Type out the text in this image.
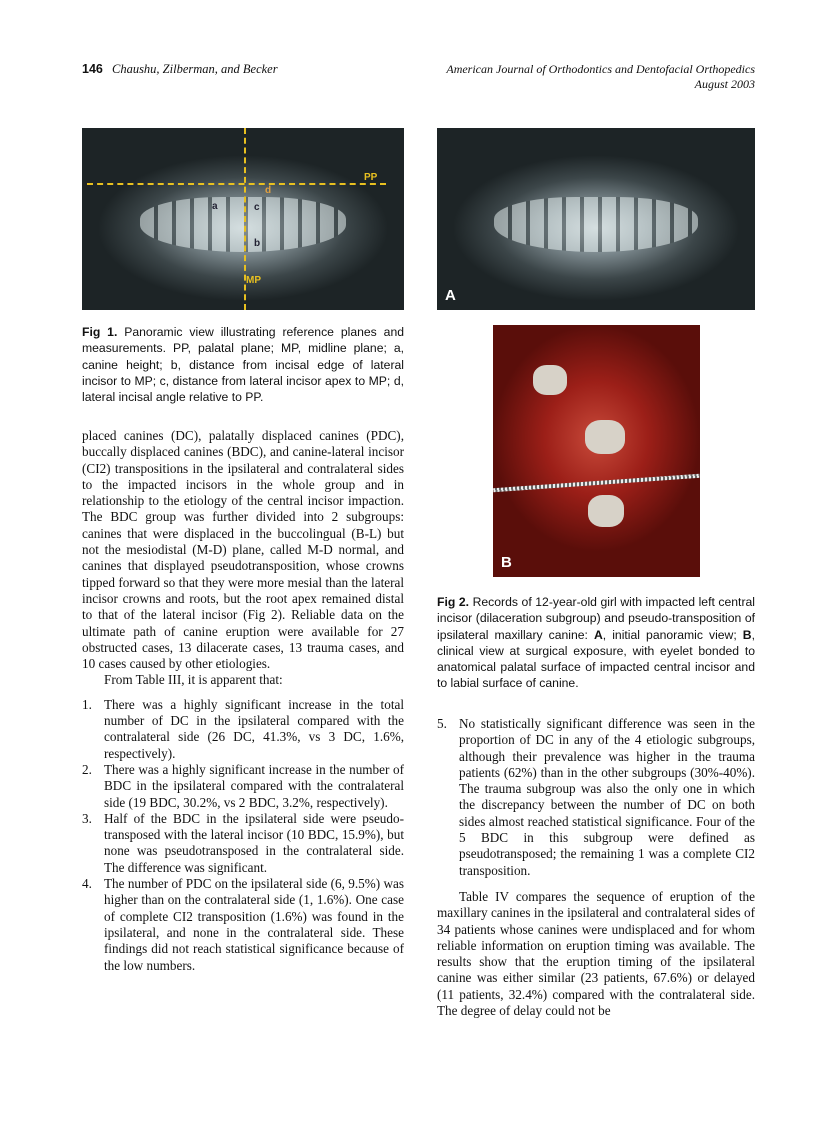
146 Chaushu, Zilberman, and Becker	American Journal of Orthodontics and Dentofacial Orthopedics
August 2003
PP
MP
d
a	c
b
Fig 1. Panoramic view illustrating reference planes and measurements. PP, palatal plane; MP, midline plane; a, canine height; b, distance from incisal edge of lateral incisor to MP; c, distance from lateral incisor apex to MP; d, lateral incisal angle relative to PP.
A
B
Fig 2. Records of 12-year-old girl with impacted left central incisor (dilaceration subgroup) and pseudo-transposition of ipsilateral maxillary canine: A, initial panoramic view; B, clinical view at surgical exposure, with eyelet bonded to anatomical palatal surface of impacted central incisor and to labial surface of canine.

placed canines (DC), palatally displaced canines (PDC), buccally displaced canines (BDC), and canine-lateral incisor (CI2) transpositions in the ipsilateral and contralateral sides to the impacted incisors in the whole group and in relationship to the etiology of the central incisor impaction. The BDC group was further divided into 2 subgroups: canines that were displaced in the buccolingual (B-L) but not the mesiodistal (M-D) plane, called M-D normal, and canines that displayed pseudotransposition, whose crowns tipped forward so that they were more mesial than the lateral incisor crowns and roots, but the root apex remained distal to that of the lateral incisor (Fig 2). Reliable data on the ultimate path of canine eruption were available for 27 obstructed cases, 13 dilacerate cases, 13 trauma cases, and 10 cases caused by other etiologies.

From Table III, it is apparent that:

1. There was a highly significant increase in the total number of DC in the ipsilateral compared with the contralateral side (26 DC, 41.3%, vs 3 DC, 1.6%, respectively).
2. There was a highly significant increase in the number of BDC in the ipsilateral compared with the contralateral side (19 BDC, 30.2%, vs 2 BDC, 3.2%, respectively).
3. Half of the BDC in the ipsilateral side were pseudo-transposed with the lateral incisor (10 BDC, 15.9%), but none was pseudotransposed in the contralateral side. The difference was significant.
4. The number of PDC on the ipsilateral side (6, 9.5%) was higher than on the contralateral side (1, 1.6%). One case of complete CI2 transposition (1.6%) was found in the ipsilateral, and none in the contralateral side. These findings did not reach statistical significance because of the low numbers.
5. No statistically significant difference was seen in the proportion of DC in any of the 4 etiologic subgroups, although their prevalence was higher in the trauma patients (62%) than in the other subgroups (30%-40%). The trauma subgroup was also the only one in which the discrepancy between the number of DC on both sides almost reached statistical significance. Four of the 5 BDC in this subgroup were defined as pseudotransposed; the remaining 1 was a complete CI2 transposition.

Table IV compares the sequence of eruption of the maxillary canines in the ipsilateral and contralateral sides of 34 patients whose canines were undisplaced and for whom reliable information on eruption timing was available. The results show that the eruption timing of the ipsilateral canine was either similar (23 patients, 67.6%) or delayed (11 patients, 32.4%) compared with the contralateral side. The degree of delay could not be
